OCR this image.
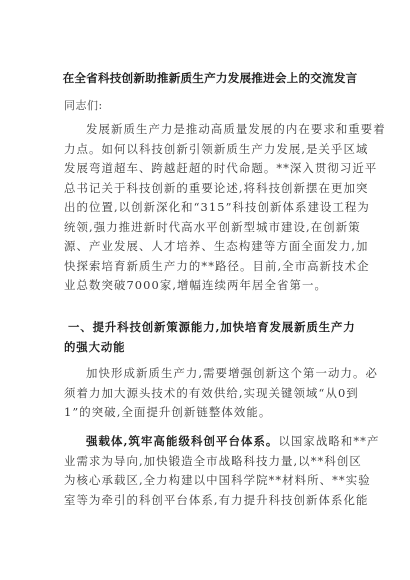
在全省科技创新助推新质生产力发展推进会上的交流发言
同志们:
发展新质生产力是推动高质量发展的内在要求和重要着
力点。如何以科技创新引领新质生产力发展,是关乎区域
发展弯道超车、跨越赶超的时代命题。**深入贯彻习近平
总书记关于科技创新的重要论述,将科技创新摆在更加突
出的位置,以创新深化和“315”科技创新体系建设工程为
统领,强力推进新时代高水平创新型城市建设,在创新策
源、产业发展、人才培养、生态构建等方面全面发力,加
快探索培育新质生产力的**路径。目前,全市高新技术企
业总数突破7000家,增幅连续两年居全省第一。
一、提升科技创新策源能力,加快培育发展新质生产力
的强大动能
加快形成新质生产力,需要增强创新这个第一动力。必
须着力加大源头技术的有效供给,实现关键领域“从0到
1”的突破,全面提升创新链整体效能。
强载体,筑牢高能级科创平台体系。以国家战略和**产
业需求为导向,加快锻造全市战略科技力量,以**科创区
为核心承载区,全力构建以中国科学院**材料所、**实验
室等为牵引的科创平台体系,有力提升科技创新体系化能
